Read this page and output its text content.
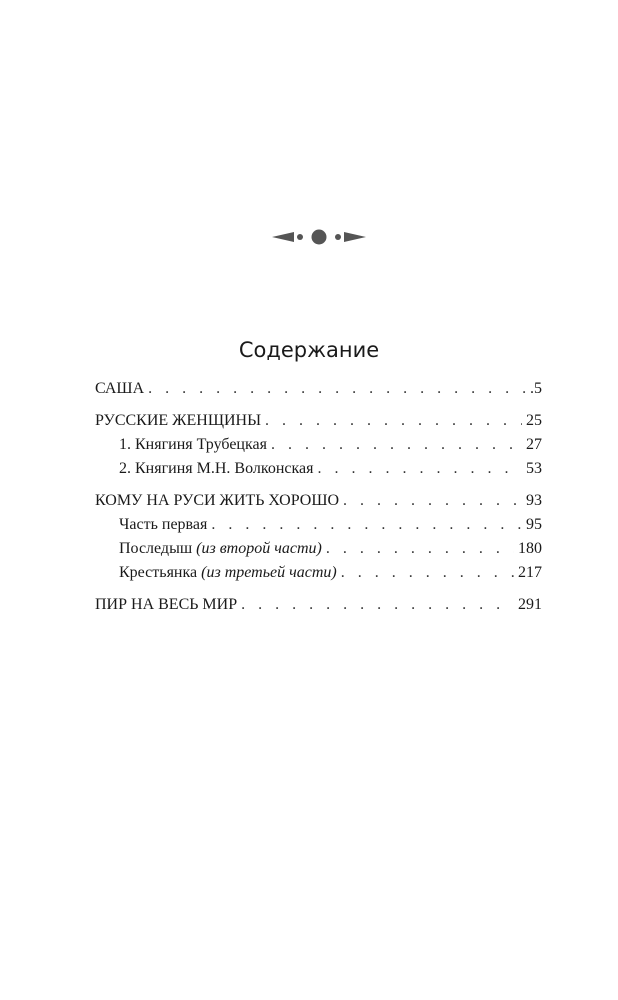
Содержание
САША . . .	.5
РУССКИЕ ЖЕНЩИНЫ . . .	25
1. Княгиня Трубецкая . . .	27
2. Княгиня М.Н. Волконская . . .	53
КОМУ НА РУСИ ЖИТЬ ХОРОШО . . .	93
Часть первая . . .	95
Последыш (из второй части) . . .	180
Крестьянка (из третьей части) . . .	217
ПИР НА ВЕСЬ МИР . . .	291
